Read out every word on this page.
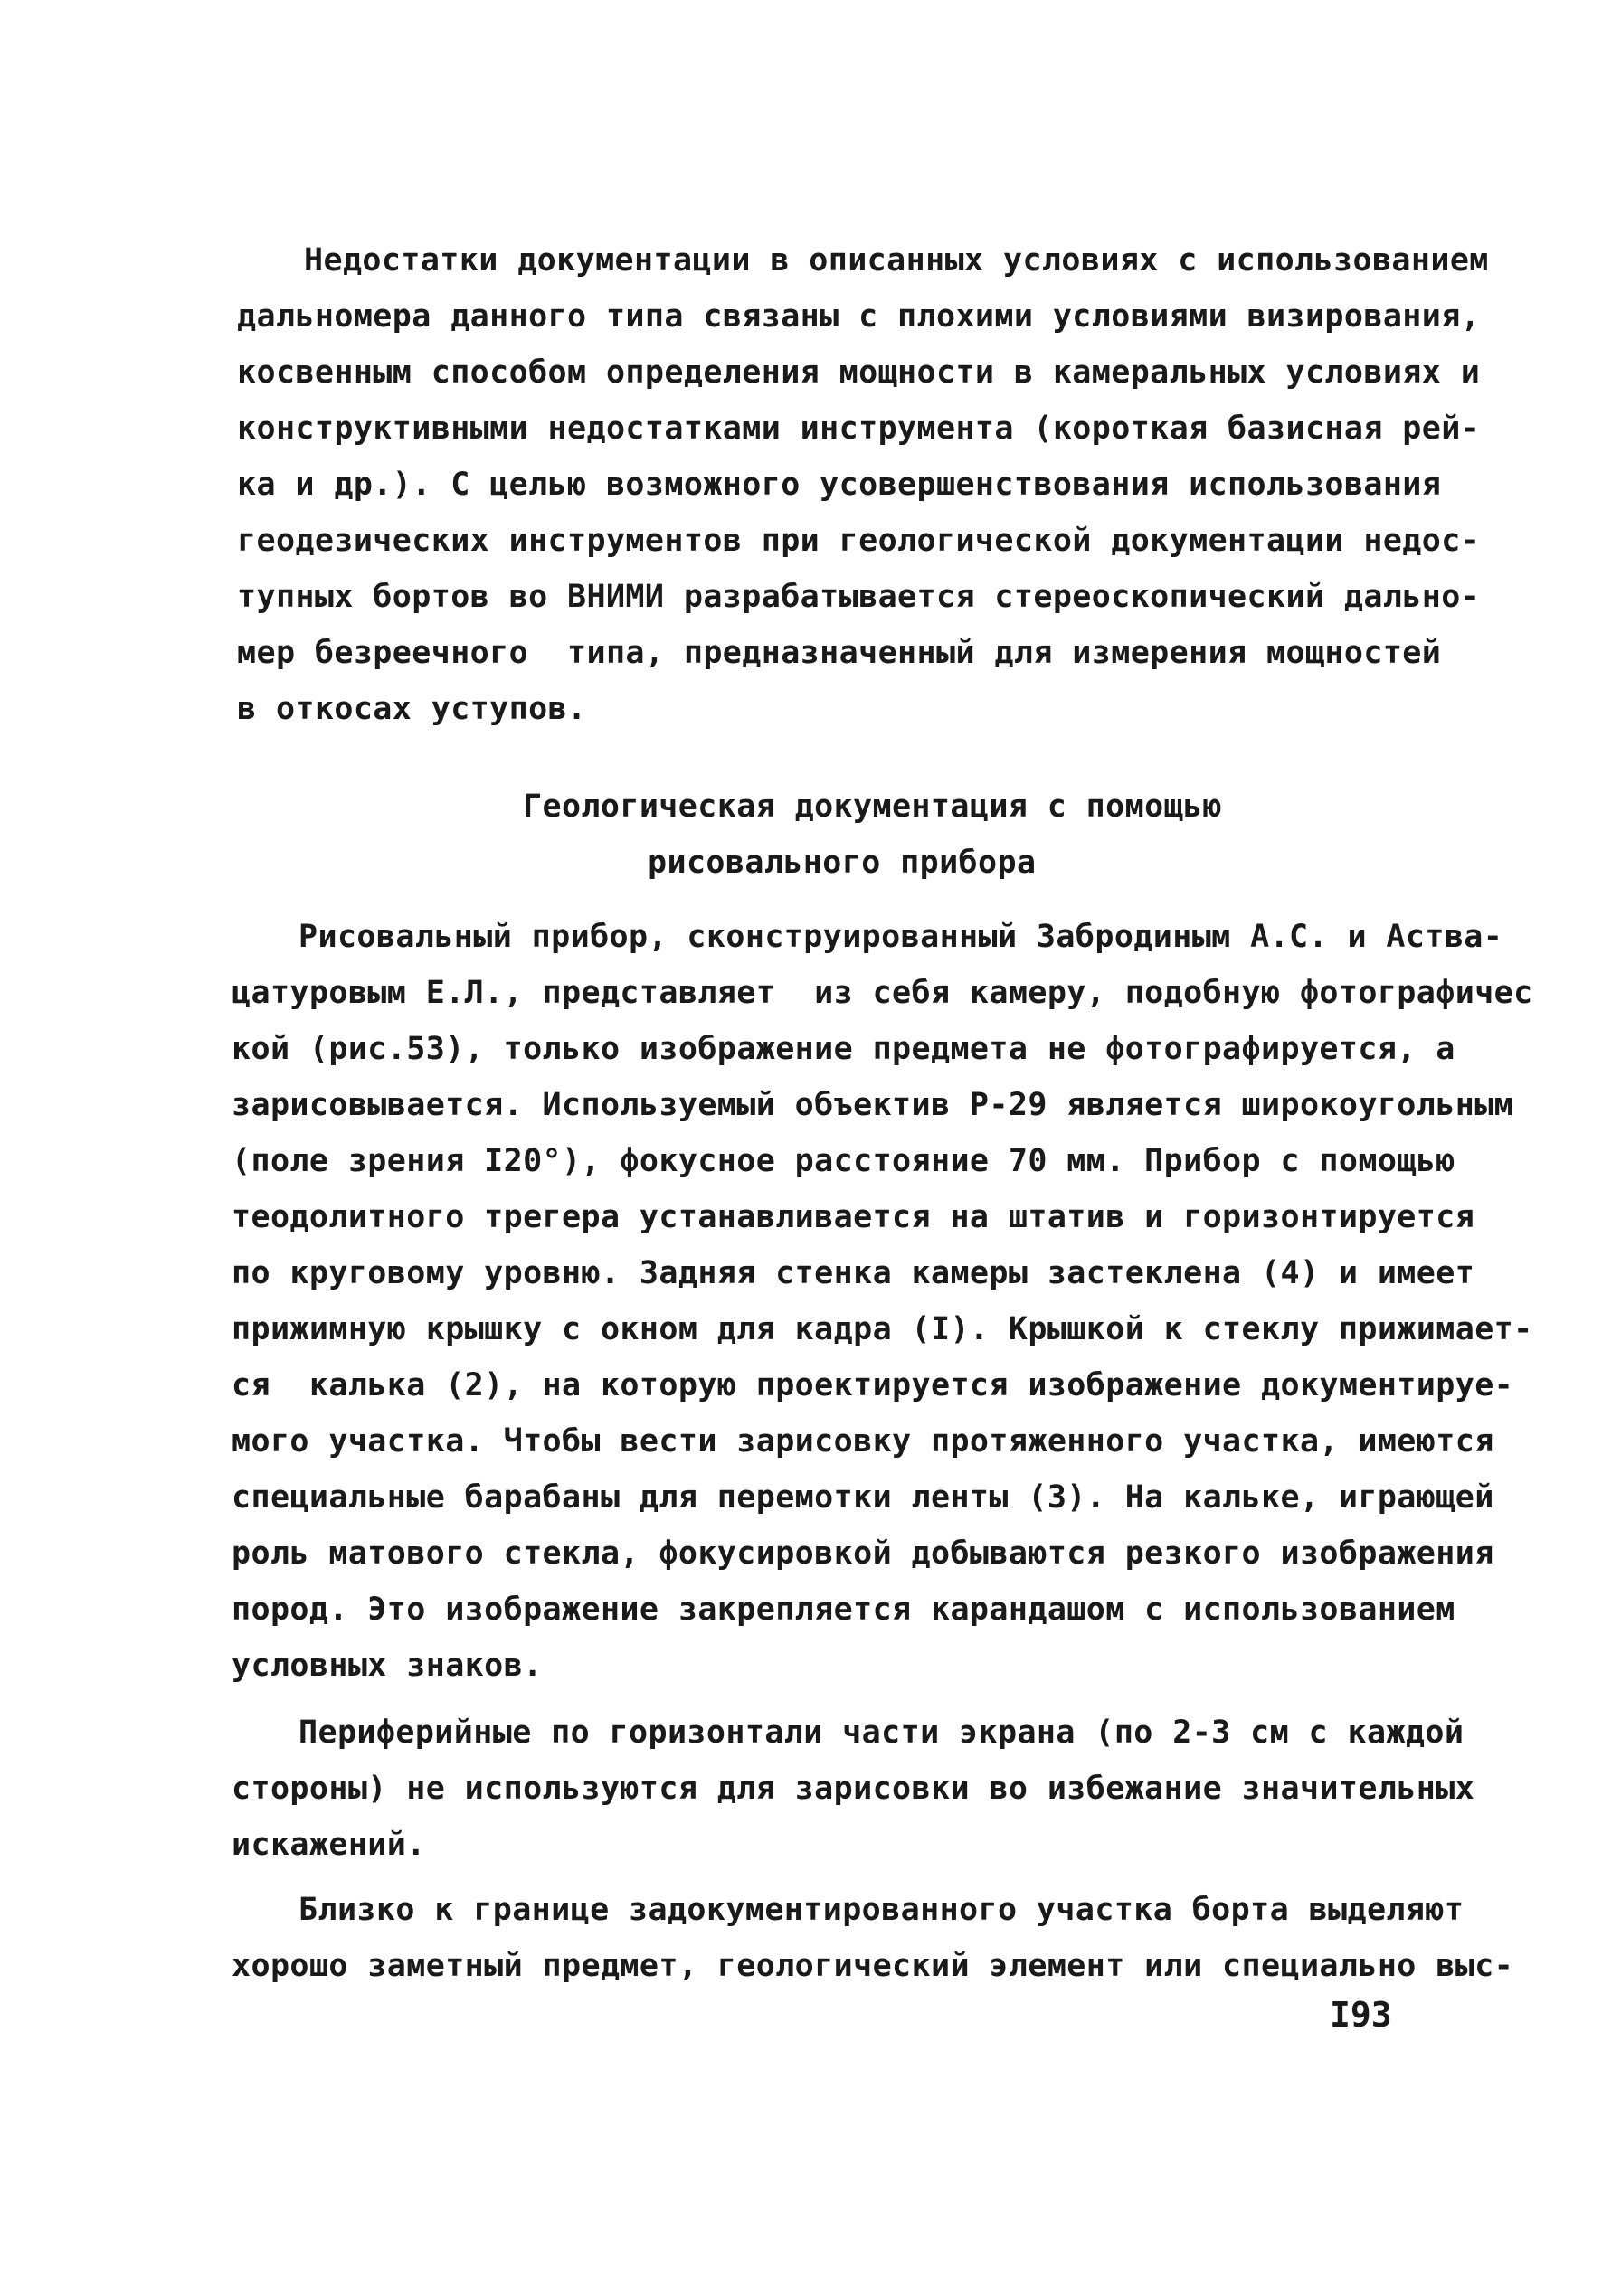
Недостатки документации в описанных условиях с использованием
дальномера данного типа связаны с плохими условиями визирования,
косвенным способом определения мощности в камеральных условиях и
конструктивными недостатками инструмента (короткая базисная рей-
ка и др.). С целью возможного усовершенствования использования
геодезических инструментов при геологической документации недос-
тупных бортов во ВНИМИ разрабатывается стереоскопический дально-
мер безреечного  типа, предназначенный для измерения мощностей
в откосах уступов.
Геологическая документация с помощью
рисовального прибора
Рисовальный прибор, сконструированный Забродиным А.С. и Аства-
цатуровым Е.Л., представляет  из себя камеру, подобную фотографичес
кой (рис.53), только изображение предмета не фотографируется, а
зарисовывается. Используемый объектив Р-29 является широкоугольным
(поле зрения I20°), фокусное расстояние 70 мм. Прибор с помощью
теодолитного трегера устанавливается на штатив и горизонтируется
по круговому уровню. Задняя стенка камеры застеклена (4) и имеет
прижимную крышку с окном для кадра (I). Крышкой к стеклу прижимает-
ся  калька (2), на которую проектируется изображение документируе-
мого участка. Чтобы вести зарисовку протяженного участка, имеются
специальные барабаны для перемотки ленты (3). На кальке, играющей
роль матового стекла, фокусировкой добываются резкого изображения
пород. Это изображение закрепляется карандашом с использованием
условных знаков.
Периферийные по горизонтали части экрана (по 2-3 см с каждой
стороны) не используются для зарисовки во избежание значительных
искажений.
Близко к границе задокументированного участка борта выделяют
хорошо заметный предмет, геологический элемент или специально выс-
I93
